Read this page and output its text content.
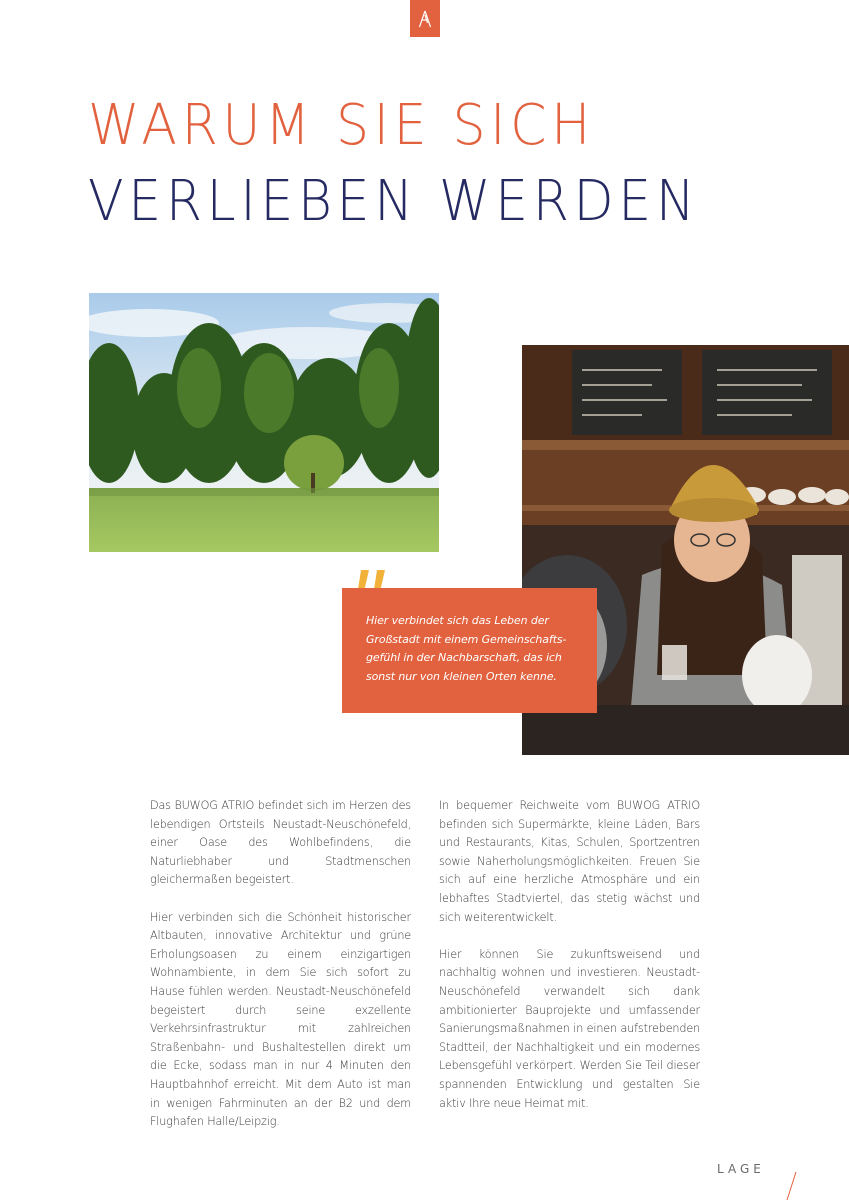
WARUM SIE SICH
VERLIEBEN WERDEN

Hier verbindet sich das Leben der
Großstadt mit einem Gemeinschafts-
gefühl in der Nachbarschaft, das ich
sonst nur von kleinen Orten kenne.

Das BUWOG ATRIO befindet sich im Herzen des lebendigen Ortsteils Neustadt-Neuschönefeld, einer Oase des Wohlbefindens, die Naturliebhaber und Stadtmenschen gleichermaßen begeistert.

Hier verbinden sich die Schönheit historischer Altbauten, innovative Architektur und grüne Erholungsoasen zu einem einzigartigen Wohnambiente, in dem Sie sich sofort zu Hause fühlen werden. Neustadt-Neuschönefeld begeistert durch seine exzellente Verkehrsinfrastruktur mit zahlreichen Straßenbahn- und Bushaltestellen direkt um die Ecke, sodass man in nur 4 Minuten den Hauptbahnhof erreicht. Mit dem Auto ist man in wenigen Fahrminuten an der B2 und dem Flughafen Halle/Leipzig.

In bequemer Reichweite vom BUWOG ATRIO befinden sich Supermärkte, kleine Läden, Bars und Restaurants, Kitas, Schulen, Sportzentren sowie Naherholungsmöglichkeiten. Freuen Sie sich auf eine herzliche Atmosphäre und ein lebhaftes Stadtviertel, das stetig wächst und sich weiterentwickelt.

Hier können Sie zukunftsweisend und nachhaltig wohnen und investieren. Neustadt-Neuschönefeld verwandelt sich dank ambitionierter Bauprojekte und umfassender Sanierungsmaßnahmen in einen aufstrebenden Stadtteil, der Nachhaltigkeit und ein modernes Lebensgefühl verkörpert. Werden Sie Teil dieser spannenden Entwicklung und gestalten Sie aktiv Ihre neue Heimat mit.

LAGE
